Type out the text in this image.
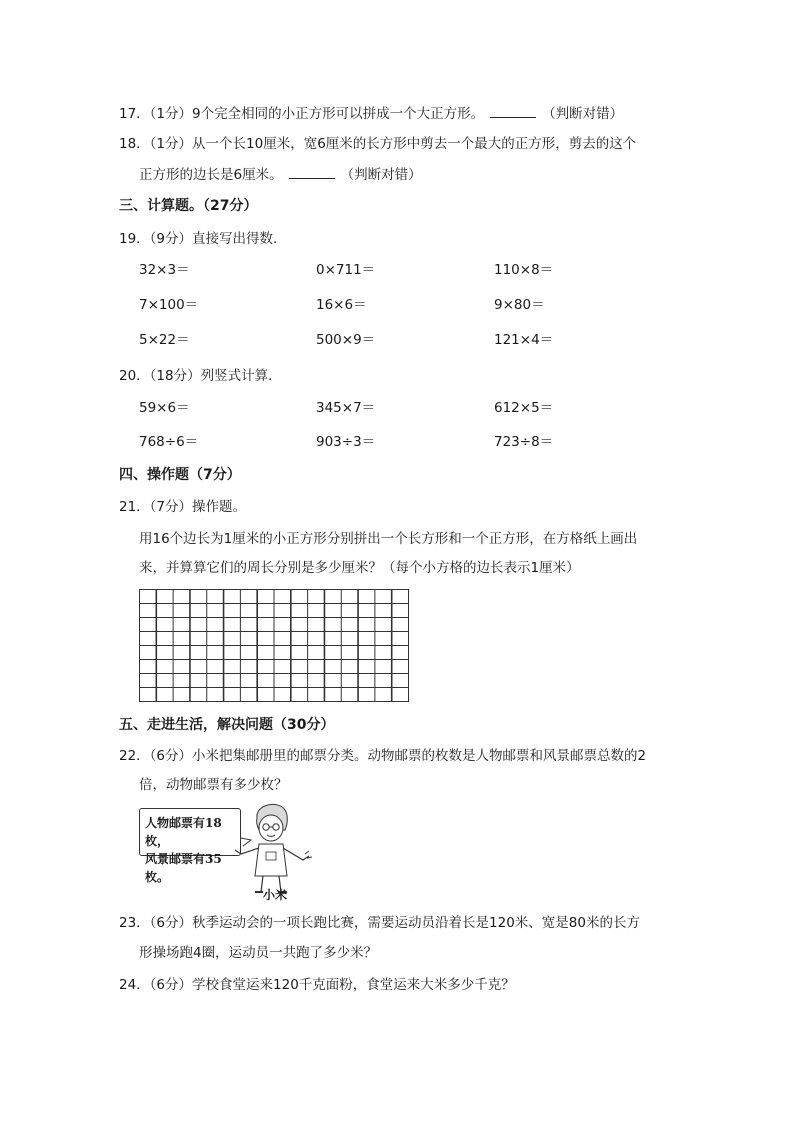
17．（1分）9个完全相同的小正方形可以拼成一个大正方形。	（判断对错）
18．（1分）从一个长10厘米，宽6厘米的长方形中剪去一个最大的正方形，剪去的这个
正方形的边长是6厘米。	（判断对错）
三、计算题。（27分）
19．（9分）直接写出得数．
32×3＝	0×711＝	110×8＝
7×100＝	16×6＝	9×80＝
5×22＝	500×9＝	121×4＝
20．（18分）列竖式计算．
59×6＝	345×7＝	612×5＝
768÷6＝	903÷3＝	723÷8＝
四、操作题（7分）
21．（7分）操作题。
用16个边长为1厘米的小正方形分别拼出一个长方形和一个正方形，在方格纸上画出
来，并算算它们的周长分别是多少厘米？（每个小方格的边长表示1厘米）
五、走进生活，解决问题（30分）
22．（6分）小米把集邮册里的邮票分类。动物邮票的枚数是人物邮票和风景邮票总数的2
倍，动物邮票有多少枚？
人物邮票有18枚，
风景邮票有35枚。
小米
23．（6分）秋季运动会的一项长跑比赛，需要运动员沿着长是120米、宽是80米的长方
形操场跑4圈，运动员一共跑了多少米？
24．（6分）学校食堂运来120千克面粉，食堂运来大米多少千克？
